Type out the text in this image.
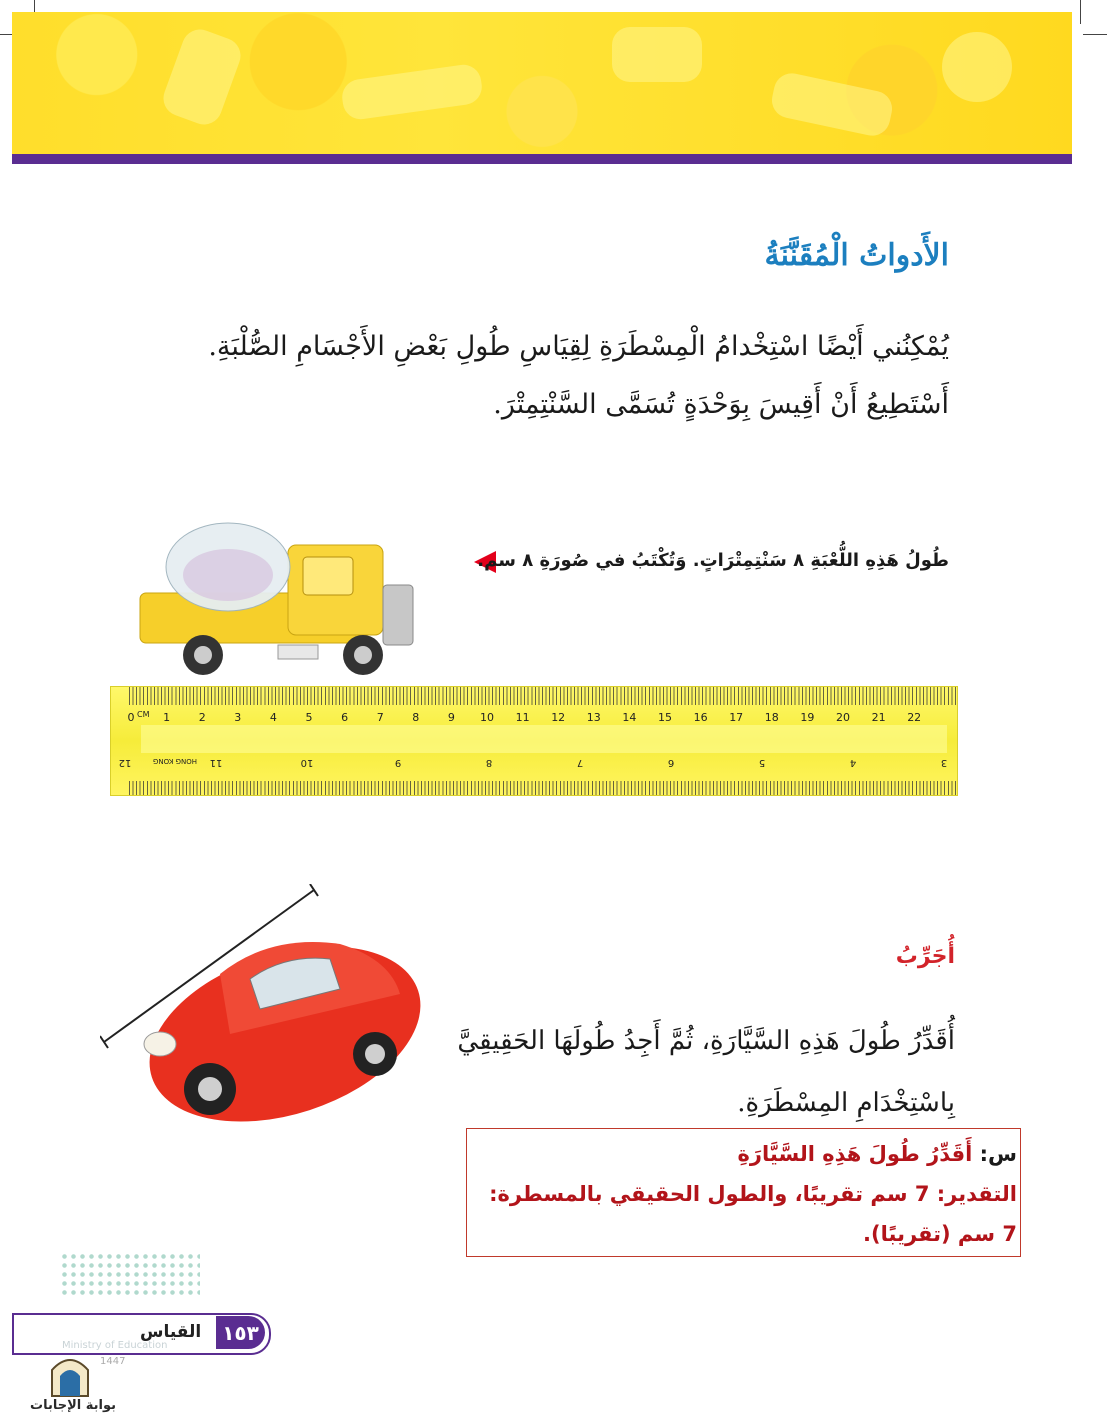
الأَدواتُ الْمُقَنَّنَةُ
يُمْكِنُني أَيْضًا اسْتِخْدامُ الْمِسْطَرَةِ لِقِيَاسِ طُولِ بَعْضِ الأَجْسَامِ الصُّلْبَةِ.
أَسْتَطِيعُ أَنْ أَقِيسَ بِوَحْدَةٍ تُسَمَّى السَّنْتِمِتْرَ.
طُولُ هَذِهِ اللُّعْبَةِ ٨ سَنْتِمِتْرَاتٍ. وَتُكْتَبُ في صُورَةِ ٨ سم.
0	1	2	3	4	5	6	7	8	9 10 11 12 13 14 15 16 17 18 19 20 21 22
12	11	10	9	8	7	6	5	4	3
CM
HONG KONG
أُجَرِّبُ
أُقَدِّرُ طُولَ هَذِهِ السَّيَّارَةِ، ثُمَّ أَجِدُ طُولَهَا الحَقِيقِيَّ
بِاسْتِخْدَامِ المِسْطَرَةِ.
س: أَقَدِّرُ طُولَ هَذِهِ السَّيَّارَةِ
التقدير: 7 سم تقريبًا، والطول الحقيقي بالمسطرة: 7 سم (تقريبًا).
القياس	١٥٣
Ministry of Education
1447
بوابة الإجابات
